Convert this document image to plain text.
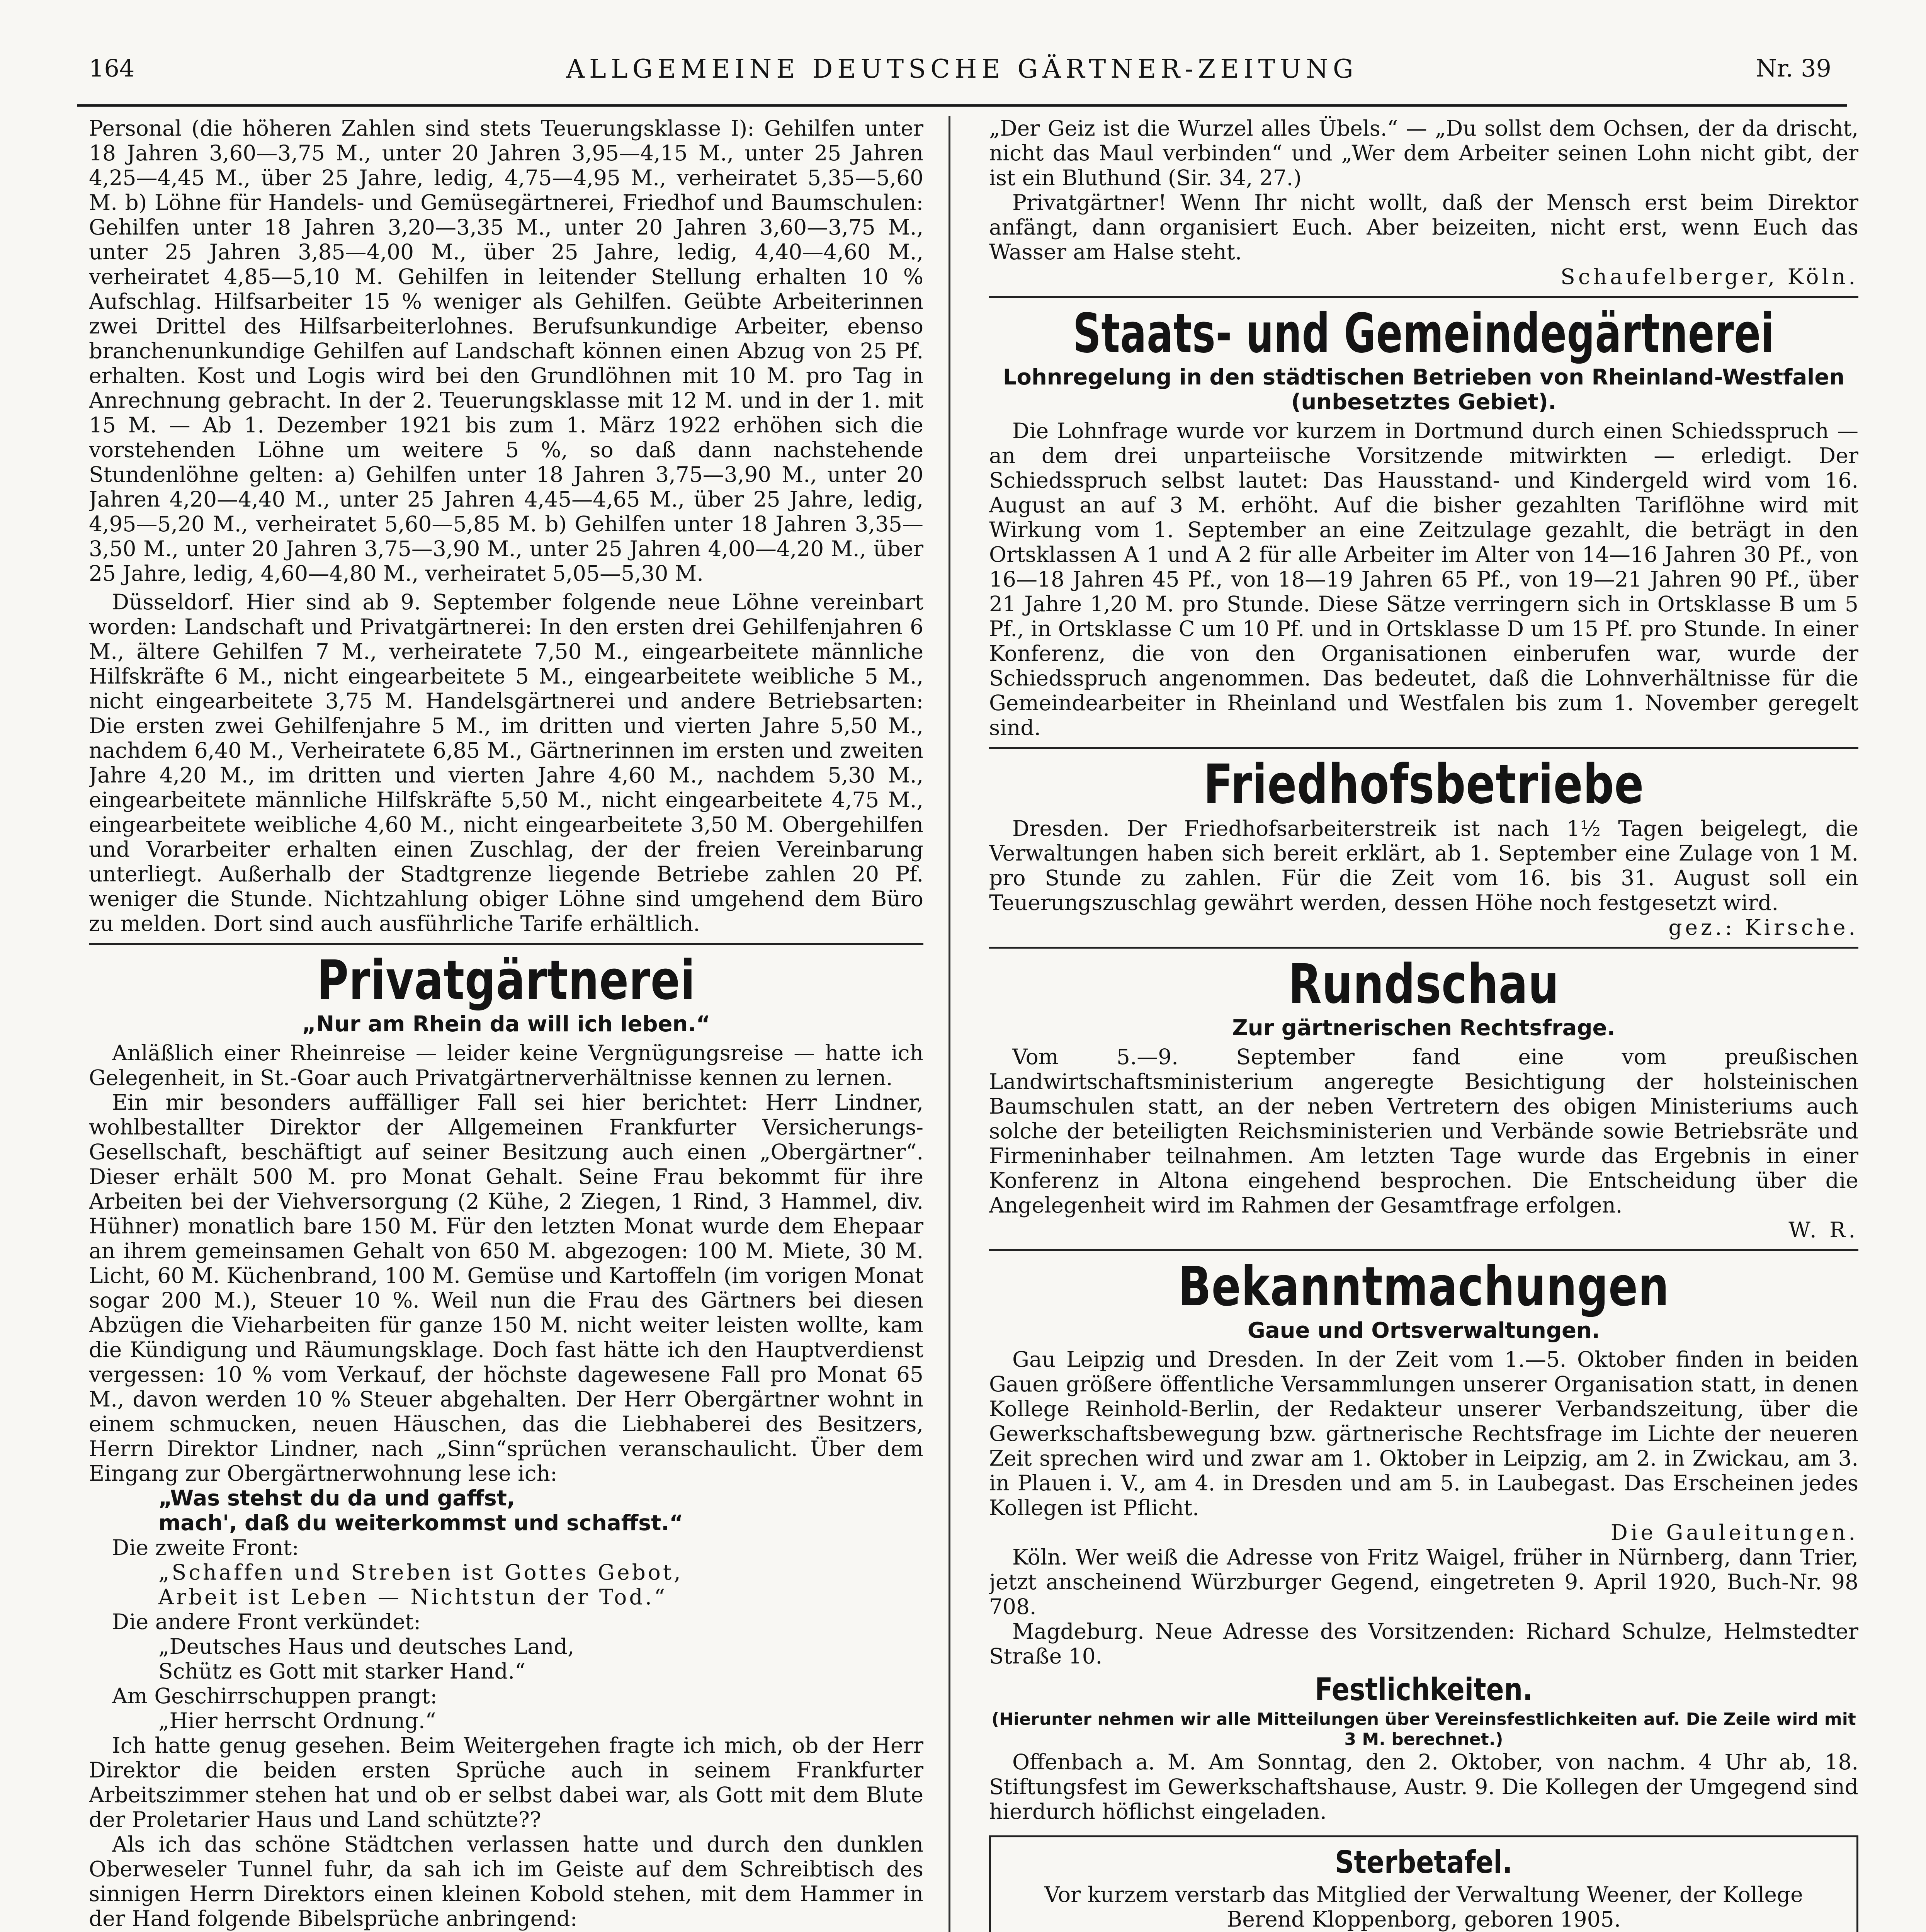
164	ALLGEMEINE DEUTSCHE GÄRTNER-ZEITUNG	Nr. 39

Personal (die höheren Zahlen sind stets Teuerungsklasse I): Gehilfen unter 18 Jahren 3,60—3,75 M., unter 20 Jahren 3,95—4,15 M., unter 25 Jahren 4,25—4,45 M., über 25 Jahre, ledig, 4,75—4,95 M., verheiratet 5,35—5,60 M. b) Löhne für Handels- und Gemüsegärtnerei, Friedhof und Baumschulen: Gehilfen unter 18 Jahren 3,20—3,35 M., unter 20 Jahren 3,60—3,75 M., unter 25 Jahren 3,85—4,00 M., über 25 Jahre, ledig, 4,40—4,60 M., verheiratet 4,85—5,10 M. Gehilfen in leitender Stellung erhalten 10 % Aufschlag. Hilfsarbeiter 15 % weniger als Gehilfen. Geübte Arbeiterinnen zwei Drittel des Hilfsarbeiterlohnes. Berufsunkundige Arbeiter, ebenso branchenunkundige Gehilfen auf Landschaft können einen Abzug von 25 Pf. erhalten. Kost und Logis wird bei den Grundlöhnen mit 10 M. pro Tag in Anrechnung gebracht. In der 2. Teuerungsklasse mit 12 M. und in der 1. mit 15 M. — Ab 1. Dezember 1921 bis zum 1. März 1922 erhöhen sich die vorstehenden Löhne um weitere 5 %, so daß dann nachstehende Stundenlöhne gelten: a) Gehilfen unter 18 Jahren 3,75—3,90 M., unter 20 Jahren 4,20—4,40 M., unter 25 Jahren 4,45—4,65 M., über 25 Jahre, ledig, 4,95—5,20 M., verheiratet 5,60—5,85 M. b) Gehilfen unter 18 Jahren 3,35—3,50 M., unter 20 Jahren 3,75—3,90 M., unter 25 Jahren 4,00—4,20 M., über 25 Jahre, ledig, 4,60—4,80 M., verheiratet 5,05—5,30 M.

Düsseldorf. Hier sind ab 9. September folgende neue Löhne vereinbart worden: Landschaft und Privatgärtnerei: In den ersten drei Gehilfenjahren 6 M., ältere Gehilfen 7 M., verheiratete 7,50 M., eingearbeitete männliche Hilfskräfte 6 M., nicht eingearbeitete 5 M., eingearbeitete weibliche 5 M., nicht eingearbeitete 3,75 M. Handelsgärtnerei und andere Betriebsarten: Die ersten zwei Gehilfenjahre 5 M., im dritten und vierten Jahre 5,50 M., nachdem 6,40 M., Verheiratete 6,85 M., Gärtnerinnen im ersten und zweiten Jahre 4,20 M., im dritten und vierten Jahre 4,60 M., nachdem 5,30 M., eingearbeitete männliche Hilfskräfte 5,50 M., nicht eingearbeitete 4,75 M., eingearbeitete weibliche 4,60 M., nicht eingearbeitete 3,50 M. Obergehilfen und Vorarbeiter erhalten einen Zuschlag, der der freien Vereinbarung unterliegt. Außerhalb der Stadtgrenze liegende Betriebe zahlen 20 Pf. weniger die Stunde. Nichtzahlung obiger Löhne sind umgehend dem Büro zu melden. Dort sind auch ausführliche Tarife erhältlich.

Privatgärtnerei
„Nur am Rhein da will ich leben.“

Anläßlich einer Rheinreise — leider keine Vergnügungsreise — hatte ich Gelegenheit, in St.-Goar auch Privatgärtnerverhältnisse kennen zu lernen.

Ein mir besonders auffälliger Fall sei hier berichtet: Herr Lindner, wohlbestallter Direktor der Allgemeinen Frankfurter Versicherungs-Gesellschaft, beschäftigt auf seiner Besitzung auch einen „Obergärtner“. Dieser erhält 500 M. pro Monat Gehalt. Seine Frau bekommt für ihre Arbeiten bei der Viehversorgung (2 Kühe, 2 Ziegen, 1 Rind, 3 Hammel, div. Hühner) monatlich bare 150 M. Für den letzten Monat wurde dem Ehepaar an ihrem gemeinsamen Gehalt von 650 M. abgezogen: 100 M. Miete, 30 M. Licht, 60 M. Küchenbrand, 100 M. Gemüse und Kartoffeln (im vorigen Monat sogar 200 M.), Steuer 10 %. Weil nun die Frau des Gärtners bei diesen Abzügen die Vieharbeiten für ganze 150 M. nicht weiter leisten wollte, kam die Kündigung und Räumungsklage. Doch fast hätte ich den Hauptverdienst vergessen: 10 % vom Verkauf, der höchste dagewesene Fall pro Monat 65 M., davon werden 10 % Steuer abgehalten. Der Herr Obergärtner wohnt in einem schmucken, neuen Häuschen, das die Liebhaberei des Besitzers, Herrn Direktor Lindner, nach „Sinn“sprüchen veranschaulicht. Über dem Eingang zur Obergärtnerwohnung lese ich:

„Was stehst du da und gaffst,

mach', daß du weiterkommst und schaffst.“

Die zweite Front:

„Schaffen und Streben ist Gottes Gebot,

Arbeit ist Leben — Nichtstun der Tod.“

Die andere Front verkündet:

„Deutsches Haus und deutsches Land,

Schütz es Gott mit starker Hand.“

Am Geschirrschuppen prangt:

„Hier herrscht Ordnung.“

Ich hatte genug gesehen. Beim Weitergehen fragte ich mich, ob der Herr Direktor die beiden ersten Sprüche auch in seinem Frankfurter Arbeitszimmer stehen hat und ob er selbst dabei war, als Gott mit dem Blute der Proletarier Haus und Land schützte??

Als ich das schöne Städtchen verlassen hatte und durch den dunklen Oberweseler Tunnel fuhr, da sah ich im Geiste auf dem Schreibtisch des sinnigen Herrn Direktors einen kleinen Kobold stehen, mit dem Hammer in der Hand folgende Bibelsprüche anbringend:

„Der Geiz ist die Wurzel alles Übels.“ — „Du sollst dem Ochsen, der da drischt, nicht das Maul verbinden“ und „Wer dem Arbeiter seinen Lohn nicht gibt, der ist ein Bluthund (Sir. 34, 27.)

Privatgärtner! Wenn Ihr nicht wollt, daß der Mensch erst beim Direktor anfängt, dann organisiert Euch. Aber beizeiten, nicht erst, wenn Euch das Wasser am Halse steht.

Schaufelberger, Köln.

Staats- und Gemeindegärtnerei
Lohnregelung in den städtischen Betrieben von Rheinland-Westfalen (unbesetztes Gebiet).

Die Lohnfrage wurde vor kurzem in Dortmund durch einen Schiedsspruch — an dem drei unparteiische Vorsitzende mitwirkten — erledigt. Der Schiedsspruch selbst lautet: Das Hausstand- und Kindergeld wird vom 16. August an auf 3 M. erhöht. Auf die bisher gezahlten Tariflöhne wird mit Wirkung vom 1. September an eine Zeitzulage gezahlt, die beträgt in den Ortsklassen A 1 und A 2 für alle Arbeiter im Alter von 14—16 Jahren 30 Pf., von 16—18 Jahren 45 Pf., von 18—19 Jahren 65 Pf., von 19—21 Jahren 90 Pf., über 21 Jahre 1,20 M. pro Stunde. Diese Sätze verringern sich in Ortsklasse B um 5 Pf., in Ortsklasse C um 10 Pf. und in Ortsklasse D um 15 Pf. pro Stunde. In einer Konferenz, die von den Organisationen einberufen war, wurde der Schiedsspruch angenommen. Das bedeutet, daß die Lohnverhältnisse für die Gemeindearbeiter in Rheinland und Westfalen bis zum 1. November geregelt sind.

Friedhofsbetriebe

Dresden. Der Friedhofsarbeiterstreik ist nach 1½ Tagen beigelegt, die Verwaltungen haben sich bereit erklärt, ab 1. September eine Zulage von 1 M. pro Stunde zu zahlen. Für die Zeit vom 16. bis 31. August soll ein Teuerungszuschlag gewährt werden, dessen Höhe noch festgesetzt wird.

gez.: Kirsche.

Rundschau
Zur gärtnerischen Rechtsfrage.

Vom 5.—9. September fand eine vom preußischen Landwirtschaftsministerium angeregte Besichtigung der holsteinischen Baumschulen statt, an der neben Vertretern des obigen Ministeriums auch solche der beteiligten Reichsministerien und Verbände sowie Betriebsräte und Firmeninhaber teilnahmen. Am letzten Tage wurde das Ergebnis in einer Konferenz in Altona eingehend besprochen. Die Entscheidung über die Angelegenheit wird im Rahmen der Gesamtfrage erfolgen.

W. R.

Bekanntmachungen
Gaue und Ortsverwaltungen.

Gau Leipzig und Dresden. In der Zeit vom 1.—5. Oktober finden in beiden Gauen größere öffentliche Versammlungen unserer Organisation statt, in denen Kollege Reinhold-Berlin, der Redakteur unserer Verbandszeitung, über die Gewerkschaftsbewegung bzw. gärtnerische Rechtsfrage im Lichte der neueren Zeit sprechen wird und zwar am 1. Oktober in Leipzig, am 2. in Zwickau, am 3. in Plauen i. V., am 4. in Dresden und am 5. in Laubegast. Das Erscheinen jedes Kollegen ist Pflicht.

Die Gauleitungen.

Köln. Wer weiß die Adresse von Fritz Waigel, früher in Nürnberg, dann Trier, jetzt anscheinend Würzburger Gegend, eingetreten 9. April 1920, Buch-Nr. 98 708.

Magdeburg. Neue Adresse des Vorsitzenden: Richard Schulze, Helmstedter Straße 10.

Festlichkeiten.
(Hierunter nehmen wir alle Mitteilungen über Vereinsfestlichkeiten auf. Die Zeile wird mit 3 M. berechnet.)

Offenbach a. M. Am Sonntag, den 2. Oktober, von nachm. 4 Uhr ab, 18. Stiftungsfest im Gewerkschaftshause, Austr. 9. Die Kollegen der Umgegend sind hierdurch höflichst eingeladen.

Sterbetafel.

Vor kurzem verstarb das Mitglied der Verwaltung Weener, der Kollege Berend Kloppenborg, geboren 1905.
